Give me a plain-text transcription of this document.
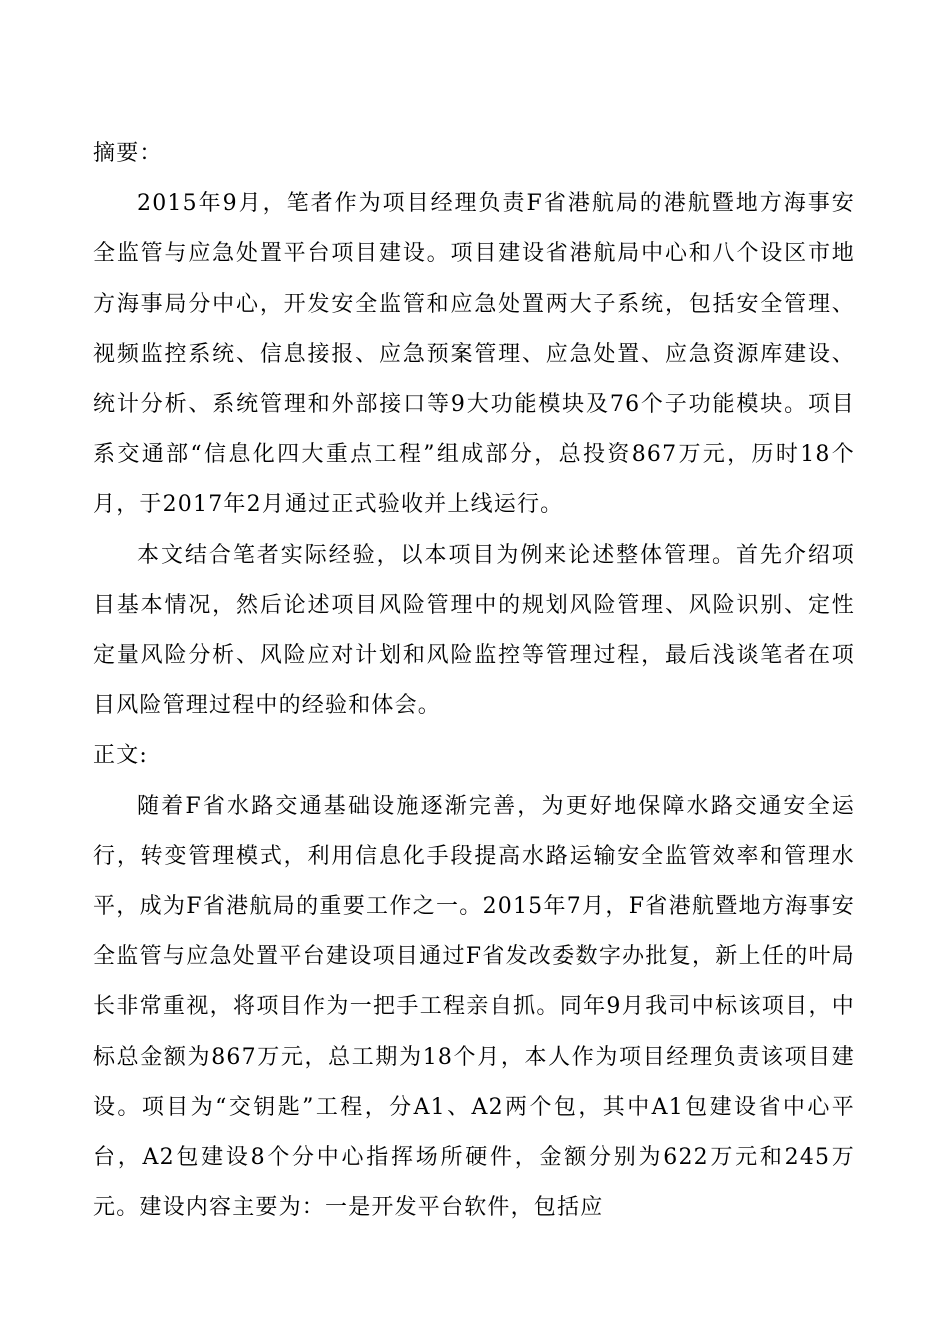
摘要：

2015年9月，笔者作为项目经理负责F省港航局的港航暨地方海事安全监管与应急处置平台项目建设。项目建设省港航局中心和八个设区市地方海事局分中心，开发安全监管和应急处置两大子系统，包括安全管理、视频监控系统、信息接报、应急预案管理、应急处置、应急资源库建设、统计分析、系统管理和外部接口等9大功能模块及76个子功能模块。项目系交通部“信息化四大重点工程”组成部分，总投资867万元，历时18个月，于2017年2月通过正式验收并上线运行。

本文结合笔者实际经验，以本项目为例来论述整体管理。首先介绍项目基本情况，然后论述项目风险管理中的规划风险管理、风险识别、定性定量风险分析、风险应对计划和风险监控等管理过程，最后浅谈笔者在项目风险管理过程中的经验和体会。

正文:

随着F省水路交通基础设施逐渐完善，为更好地保障水路交通安全运行，转变管理模式，利用信息化手段提高水路运输安全监管效率和管理水平，成为F省港航局的重要工作之一。2015年7月，F省港航暨地方海事安全监管与应急处置平台建设项目通过F省发改委数字办批复，新上任的叶局长非常重视，将项目作为一把手工程亲自抓。同年9月我司中标该项目，中标总金额为867万元，总工期为18个月，本人作为项目经理负责该项目建设。项目为“交钥匙”工程，分A1、A2两个包，其中A1包建设省中心平台，A2包建设8个分中心指挥场所硬件，金额分别为622万元和245万元。建设内容主要为：一是开发平台软件，包括应
